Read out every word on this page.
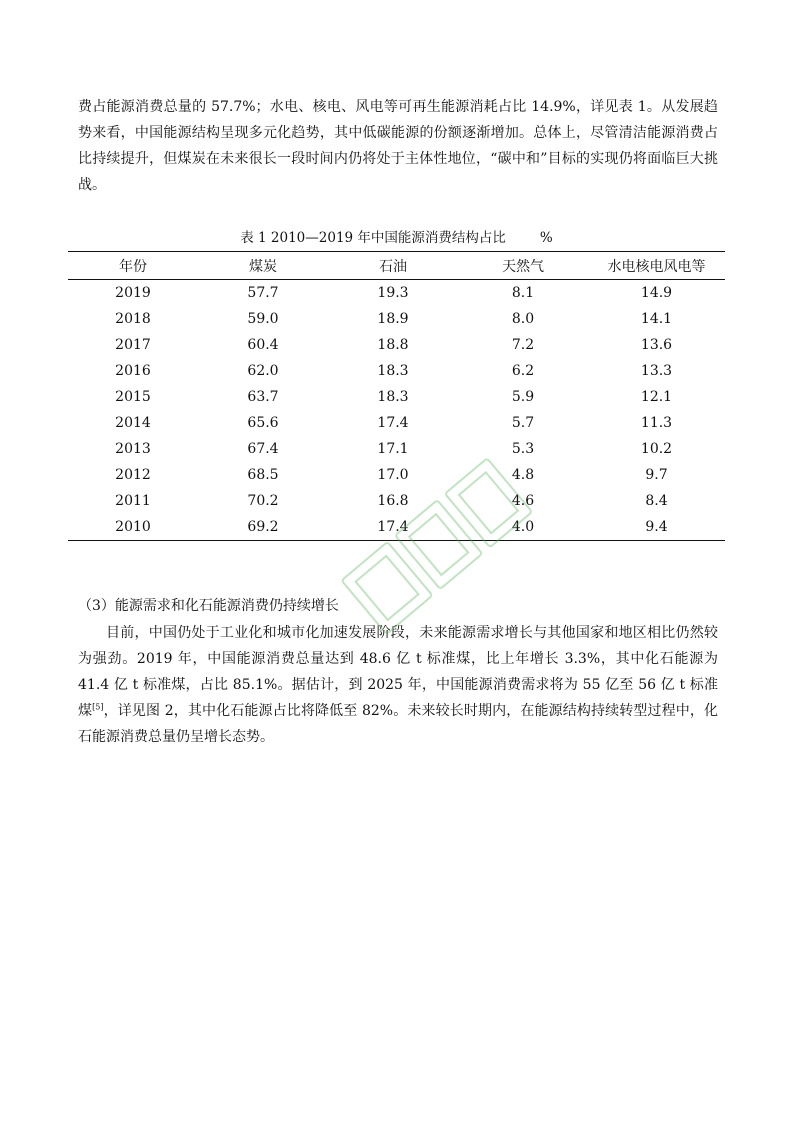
费占能源消费总量的 57.7%；水电、核电、风电等可再生能源消耗占比 14.9%，详见表 1。从发展趋势来看，中国能源结构呈现多元化趋势，其中低碳能源的份额逐渐增加。总体上，尽管清洁能源消费占比持续提升，但煤炭在未来很长一段时间内仍将处于主体性地位，“碳中和”目标的实现仍将面临巨大挑战。

表 1 2010—2019 年中国能源消费结构占比	%
年份	煤炭	石油	天然气	水电核电风电等
2019	57.7	19.3	8.1	14.9
2018	59.0	18.9	8.0	14.1
2017	60.4	18.8	7.2	13.6
2016	62.0	18.3	6.2	13.3
2015	63.7	18.3	5.9	12.1
2014	65.6	17.4	5.7	11.3
2013	67.4	17.1	5.3	10.2
2012	68.5	17.0	4.8	9.7
2011	70.2	16.8	4.6	8.4
2010	69.2	17.4	4.0	9.4

（3）能源需求和化石能源消费仍持续增长

目前，中国仍处于工业化和城市化加速发展阶段，未来能源需求增长与其他国家和地区相比仍然较为强劲。2019 年，中国能源消费总量达到 48.6 亿 t 标准煤，比上年增长 3.3%，其中化石能源为 41.4 亿 t 标准煤，占比 85.1%。据估计，到 2025 年，中国能源消费需求将为 55 亿至 56 亿 t 标准煤[5]，详见图 2，其中化石能源占比将降低至 82%。未来较长时期内，在能源结构持续转型过程中，化石能源消费总量仍呈增长态势。
